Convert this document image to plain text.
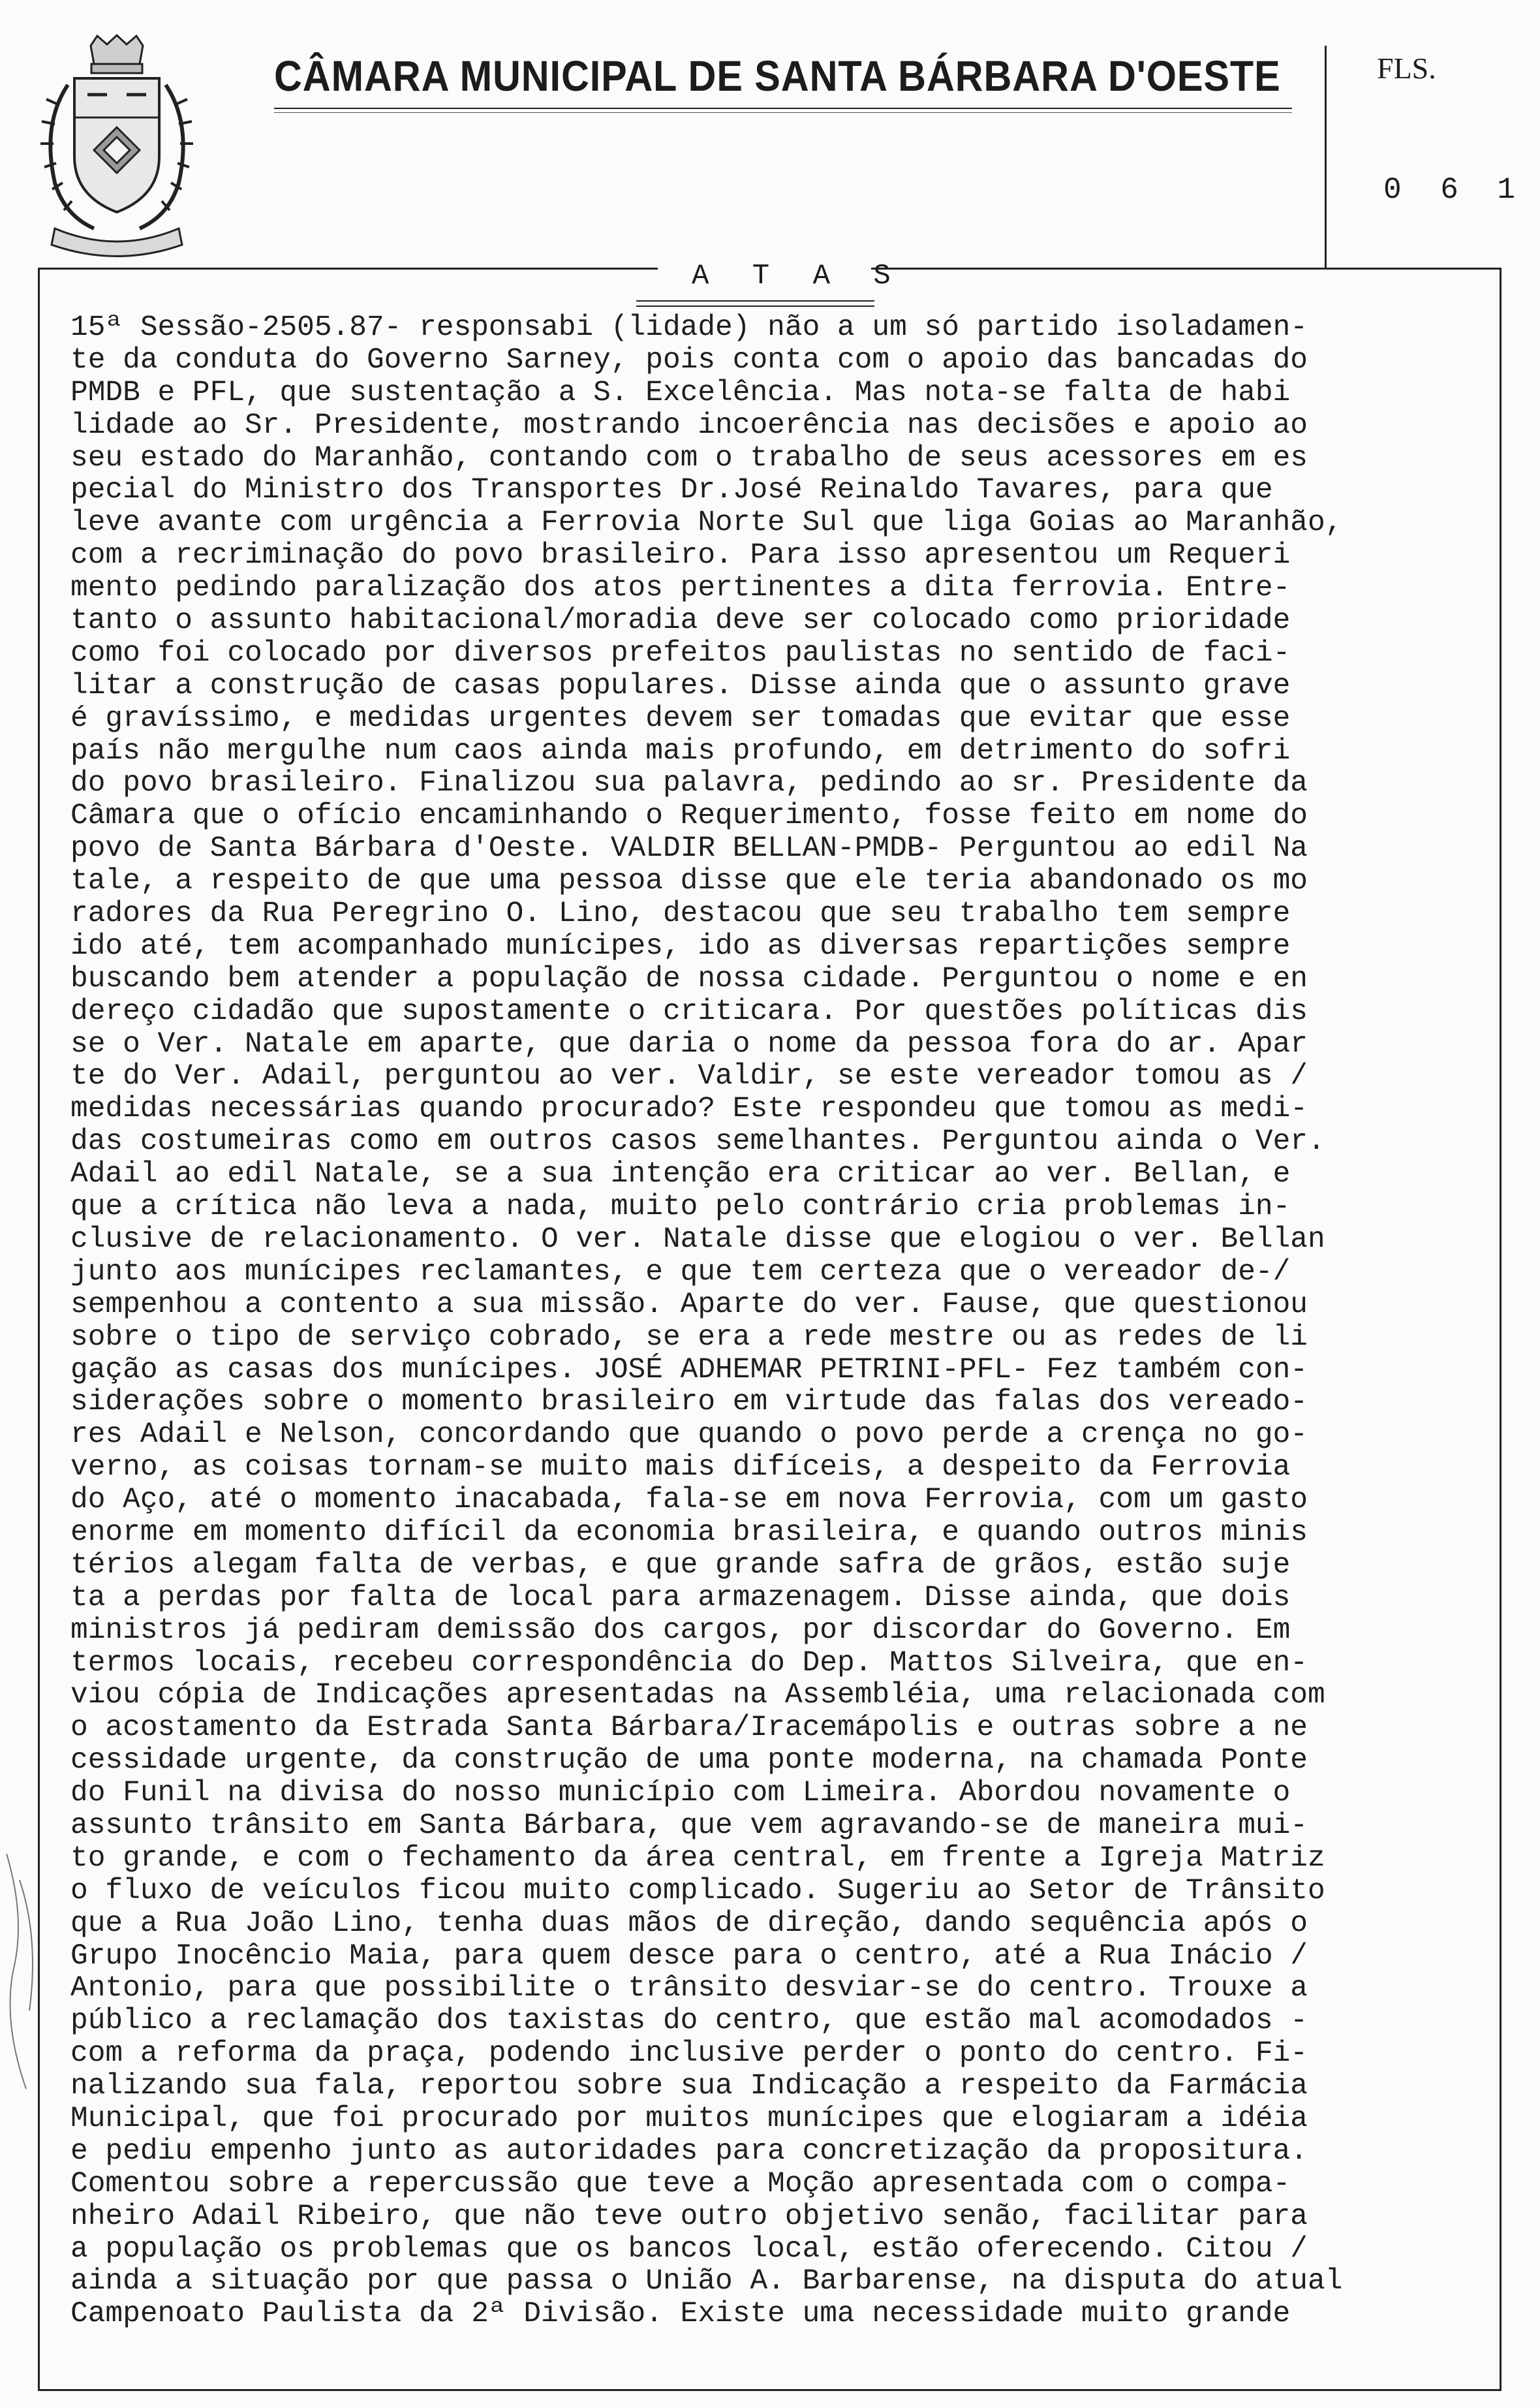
CÂMARA MUNICIPAL DE SANTA BÁRBARA D'OESTE	FLS.
0 6 1
A T A S
15ª Sessão-2505.87- responsabi (lidade) não a um só partido isoladamen-
te da conduta do Governo Sarney, pois conta com o apoio das bancadas do
PMDB e PFL, que sustentação a S. Excelência. Mas nota-se falta de habi
lidade ao Sr. Presidente, mostrando incoerência nas decisões e apoio ao
seu estado do Maranhão, contando com o trabalho de seus acessores em es
pecial do Ministro dos Transportes Dr.José Reinaldo Tavares, para que
leve avante com urgência a Ferrovia Norte Sul que liga Goias ao Maranhão,
com a recriminação do povo brasileiro. Para isso apresentou um Requeri
mento pedindo paralização dos atos pertinentes a dita ferrovia. Entre-
tanto o assunto habitacional/moradia deve ser colocado como prioridade
como foi colocado por diversos prefeitos paulistas no sentido de faci-
litar a construção de casas populares. Disse ainda que o assunto grave
é gravíssimo, e medidas urgentes devem ser tomadas que evitar que esse
país não mergulhe num caos ainda mais profundo, em detrimento do sofri
do povo brasileiro. Finalizou sua palavra, pedindo ao sr. Presidente da
Câmara que o ofício encaminhando o Requerimento, fosse feito em nome do
povo de Santa Bárbara d'Oeste. VALDIR BELLAN-PMDB- Perguntou ao edil Na
tale, a respeito de que uma pessoa disse que ele teria abandonado os mo
radores da Rua Peregrino O. Lino, destacou que seu trabalho tem sempre
ido até, tem acompanhado munícipes, ido as diversas repartições sempre
buscando bem atender a população de nossa cidade. Perguntou o nome e en
dereço cidadão que supostamente o criticara. Por questões políticas dis
se o Ver. Natale em aparte, que daria o nome da pessoa fora do ar. Apar
te do Ver. Adail, perguntou ao ver. Valdir, se este vereador tomou as /
medidas necessárias quando procurado? Este respondeu que tomou as medi-
das costumeiras como em outros casos semelhantes. Perguntou ainda o Ver.
Adail ao edil Natale, se a sua intenção era criticar ao ver. Bellan, e
que a crítica não leva a nada, muito pelo contrário cria problemas in-
clusive de relacionamento. O ver. Natale disse que elogiou o ver. Bellan
junto aos munícipes reclamantes, e que tem certeza que o vereador de-/
sempenhou a contento a sua missão. Aparte do ver. Fause, que questionou
sobre o tipo de serviço cobrado, se era a rede mestre ou as redes de li
gação as casas dos munícipes. JOSÉ ADHEMAR PETRINI-PFL- Fez também con-
siderações sobre o momento brasileiro em virtude das falas dos vereado-
res Adail e Nelson, concordando que quando o povo perde a crença no go-
verno, as coisas tornam-se muito mais difíceis, a despeito da Ferrovia
do Aço, até o momento inacabada, fala-se em nova Ferrovia, com um gasto
enorme em momento difícil da economia brasileira, e quando outros minis
térios alegam falta de verbas, e que grande safra de grãos, estão suje
ta a perdas por falta de local para armazenagem. Disse ainda, que dois
ministros já pediram demissão dos cargos, por discordar do Governo. Em
termos locais, recebeu correspondência do Dep. Mattos Silveira, que en-
viou cópia de Indicações apresentadas na Assembléia, uma relacionada com
o acostamento da Estrada Santa Bárbara/Iracemápolis e outras sobre a ne
cessidade urgente, da construção de uma ponte moderna, na chamada Ponte
do Funil na divisa do nosso município com Limeira. Abordou novamente o
assunto trânsito em Santa Bárbara, que vem agravando-se de maneira mui-
to grande, e com o fechamento da área central, em frente a Igreja Matriz
o fluxo de veículos ficou muito complicado. Sugeriu ao Setor de Trânsito
que a Rua João Lino, tenha duas mãos de direção, dando sequência após o
Grupo Inocêncio Maia, para quem desce para o centro, até a Rua Inácio /
Antonio, para que possibilite o trânsito desviar-se do centro. Trouxe a
público a reclamação dos taxistas do centro, que estão mal acomodados -
com a reforma da praça, podendo inclusive perder o ponto do centro. Fi-
nalizando sua fala, reportou sobre sua Indicação a respeito da Farmácia
Municipal, que foi procurado por muitos munícipes que elogiaram a idéia
e pediu empenho junto as autoridades para concretização da propositura.
Comentou sobre a repercussão que teve a Moção apresentada com o compa-
nheiro Adail Ribeiro, que não teve outro objetivo senão, facilitar para
a população os problemas que os bancos local, estão oferecendo. Citou /
ainda a situação por que passa o União A. Barbarense, na disputa do atual
Campenoato Paulista da 2ª Divisão. Existe uma necessidade muito grande
